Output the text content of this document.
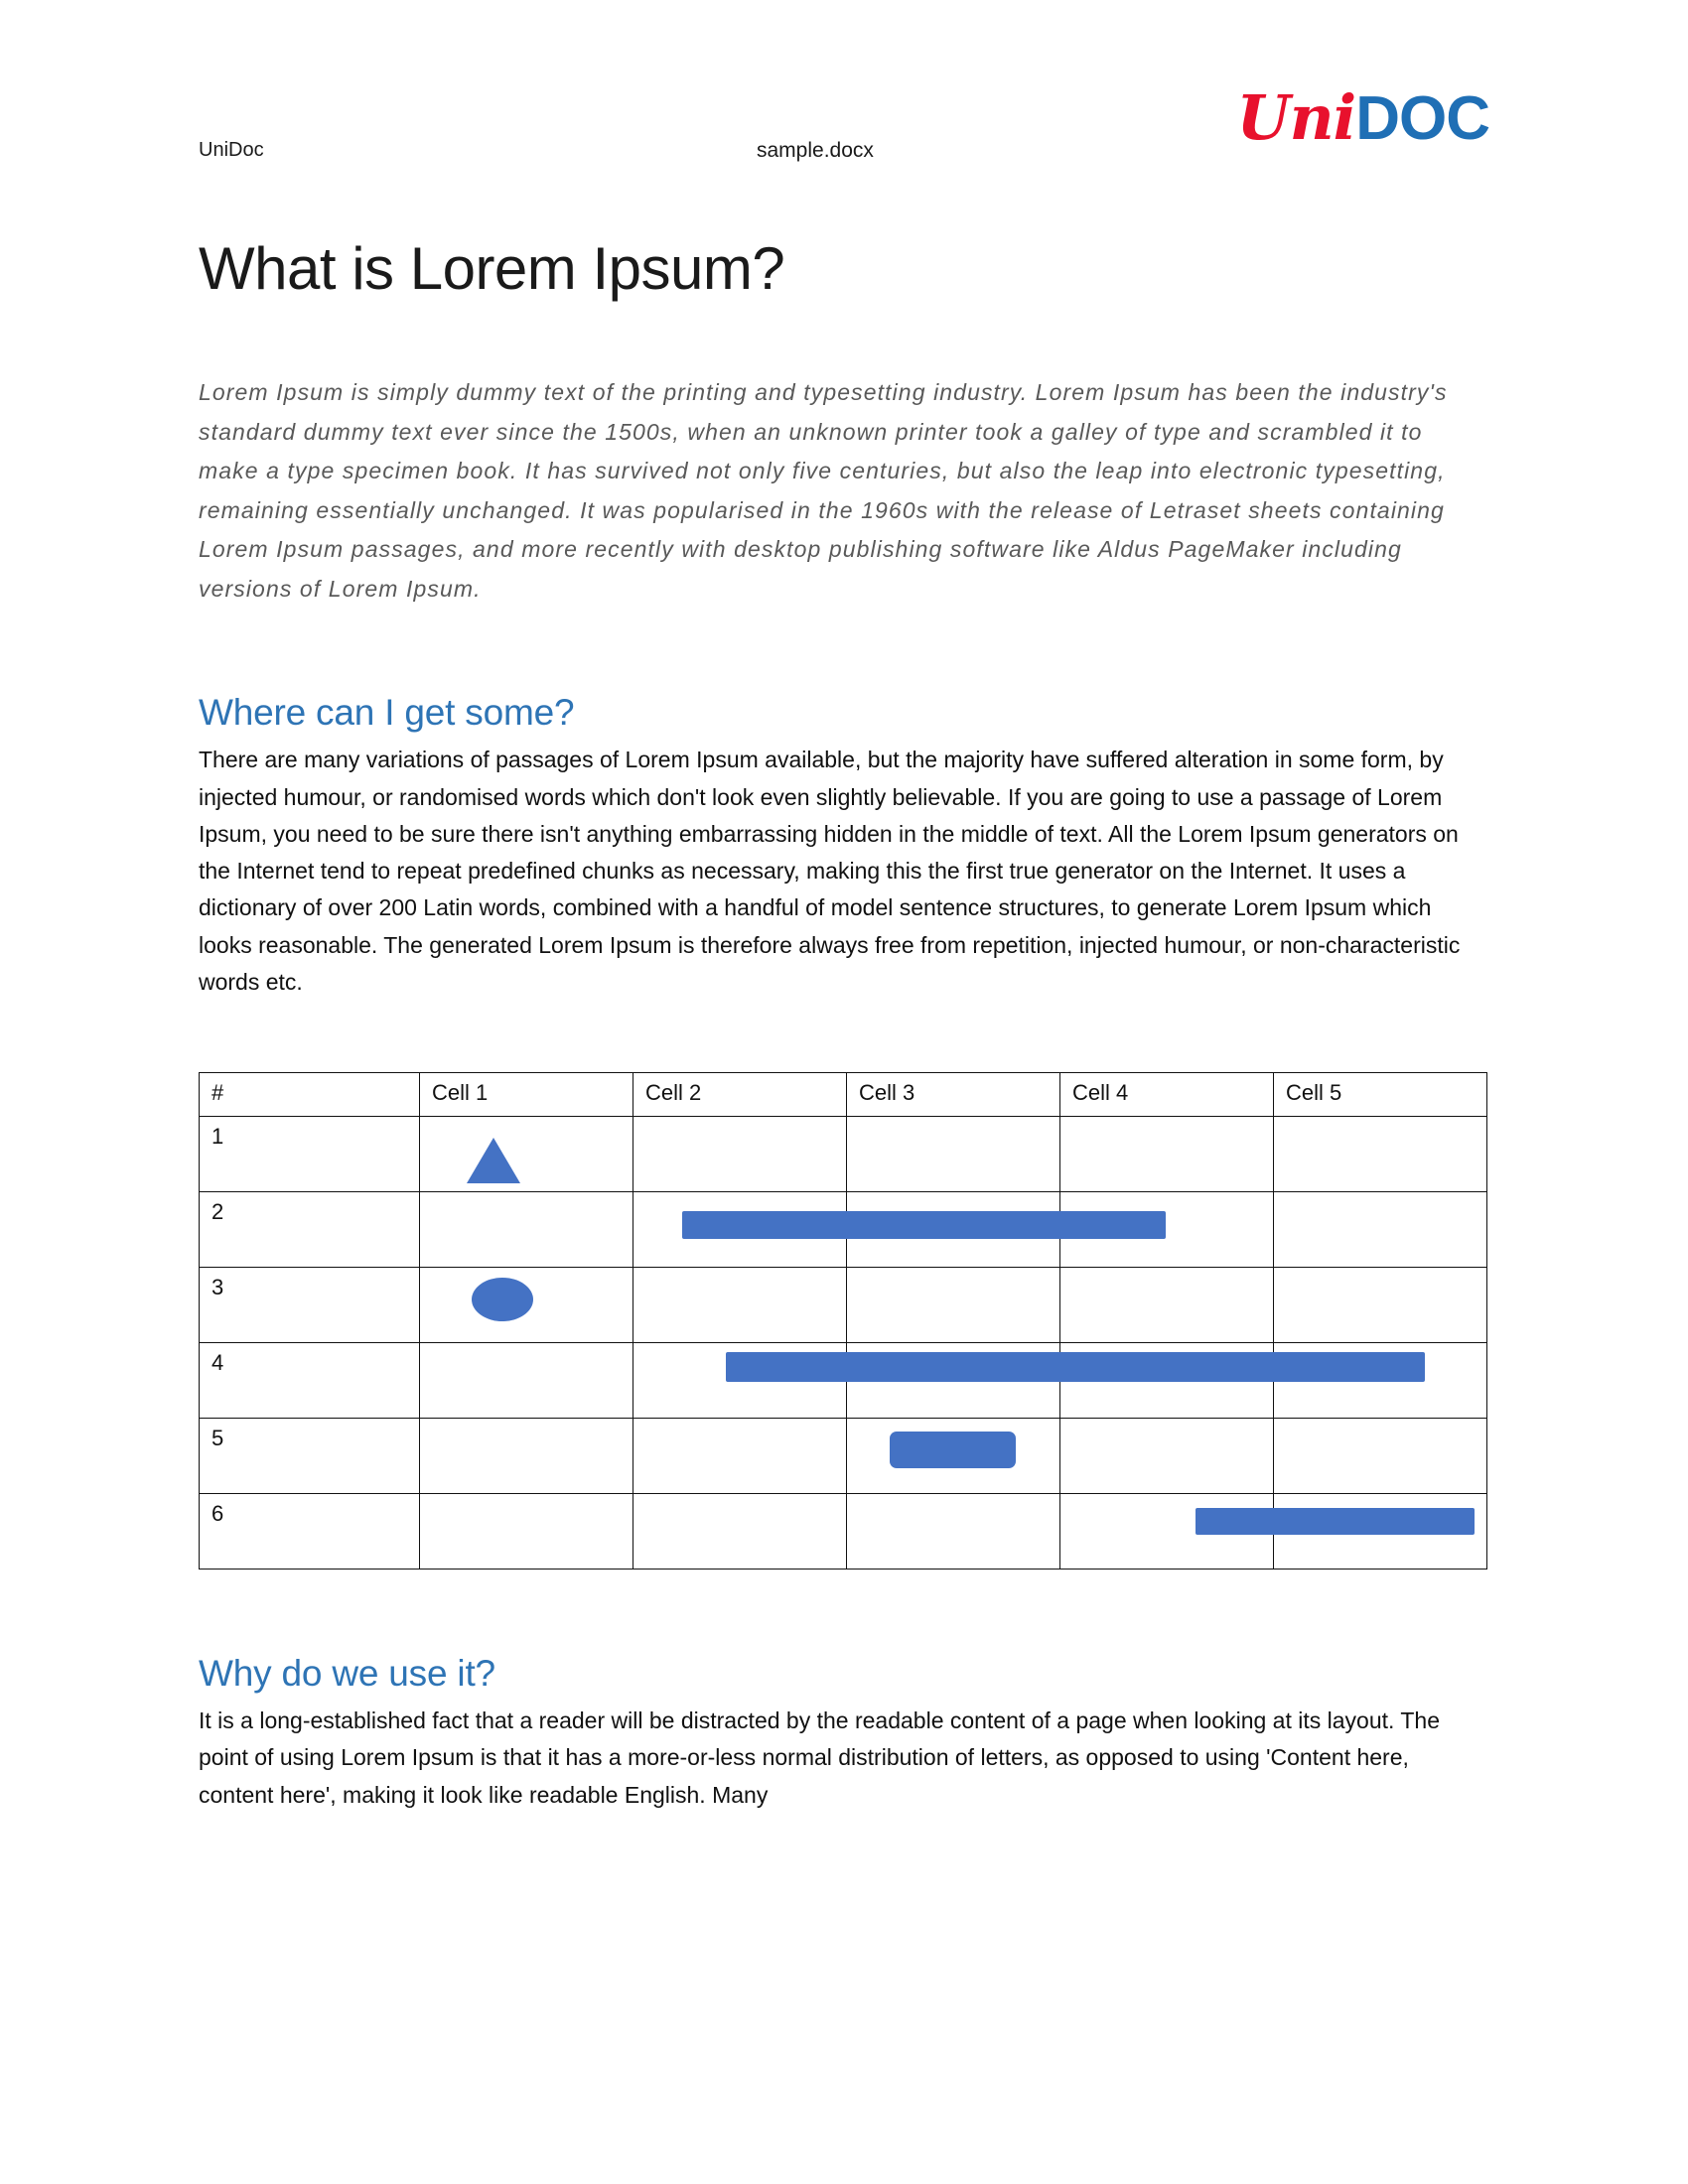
UniDoc	sample.docx	UniDOC
What is Lorem Ipsum?

Lorem Ipsum is simply dummy text of the printing and typesetting industry. Lorem Ipsum has been the industry's standard dummy text ever since the 1500s, when an unknown printer took a galley of type and scrambled it to make a type specimen book. It has survived not only five centuries, but also the leap into electronic typesetting, remaining essentially unchanged. It was popularised in the 1960s with the release of Letraset sheets containing Lorem Ipsum passages, and more recently with desktop publishing software like Aldus PageMaker including versions of Lorem Ipsum.

Where can I get some?

There are many variations of passages of Lorem Ipsum available, but the majority have suffered alteration in some form, by injected humour, or randomised words which don't look even slightly believable. If you are going to use a passage of Lorem Ipsum, you need to be sure there isn't anything embarrassing hidden in the middle of text. All the Lorem Ipsum generators on the Internet tend to repeat predefined chunks as necessary, making this the first true generator on the Internet. It uses a dictionary of over 200 Latin words, combined with a handful of model sentence structures, to generate Lorem Ipsum which looks reasonable. The generated Lorem Ipsum is therefore always free from repetition, injected humour, or non-characteristic words etc.

#	Cell 1	Cell 2	Cell 3	Cell 4	Cell 5
1					
2					
3					
4					
5					
6					
Why do we use it?

It is a long-established fact that a reader will be distracted by the readable content of a page when looking at its layout. The point of using Lorem Ipsum is that it has a more-or-less normal distribution of letters, as opposed to using 'Content here, content here', making it look like readable English. Many
